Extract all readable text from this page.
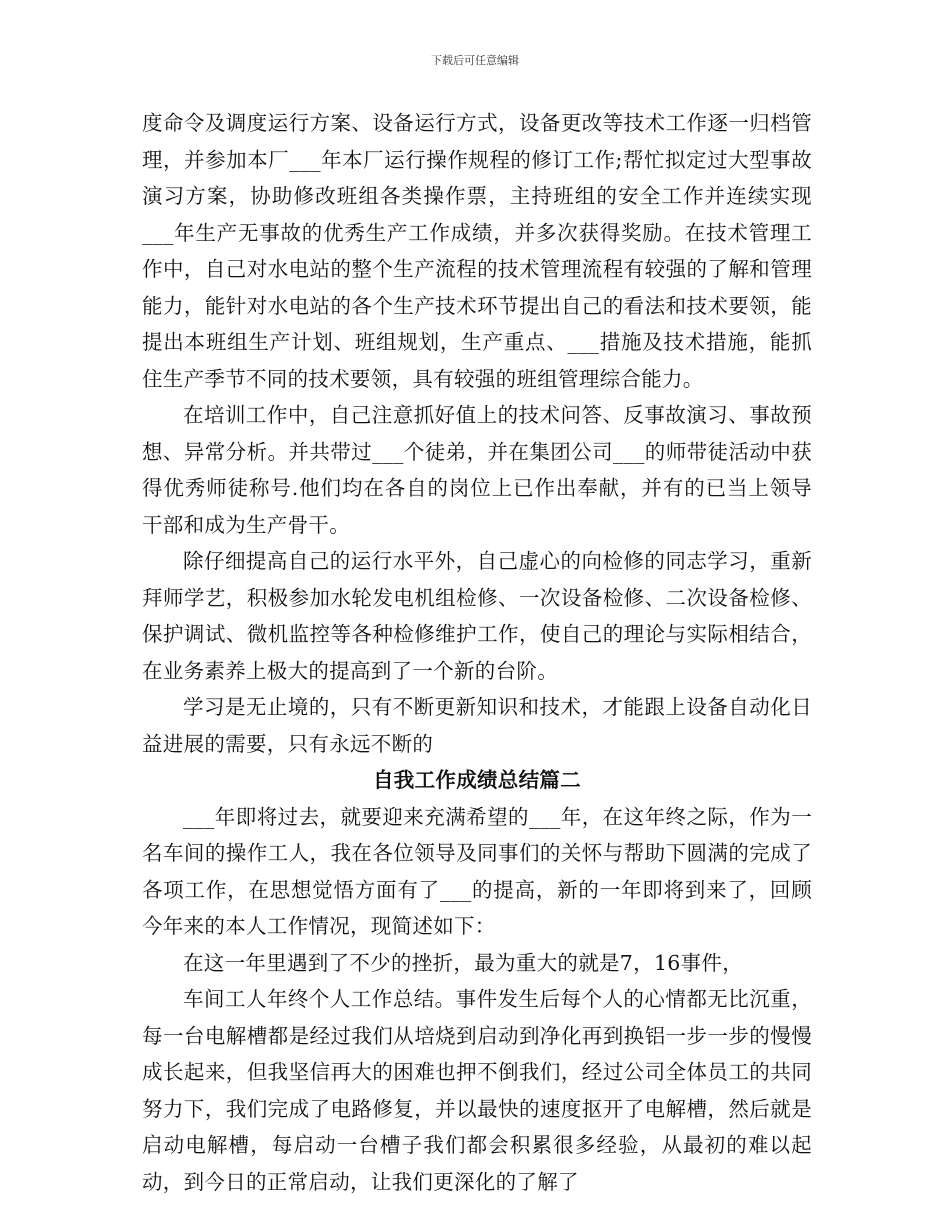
下载后可任意编辑

度命令及调度运行方案、设备运行方式，设备更改等技术工作逐一归档管理，并参加本厂___年本厂运行操作规程的修订工作;帮忙拟定过大型事故演习方案，协助修改班组各类操作票，主持班组的安全工作并连续实现___年生产无事故的优秀生产工作成绩，并多次获得奖励。在技术管理工作中，自己对水电站的整个生产流程的技术管理流程有较强的了解和管理能力，能针对水电站的各个生产技术环节提出自己的看法和技术要领，能提出本班组生产计划、班组规划，生产重点、___措施及技术措施，能抓住生产季节不同的技术要领，具有较强的班组管理综合能力。

在培训工作中，自己注意抓好值上的技术问答、反事故演习、事故预想、异常分析。并共带过___个徒弟，并在集团公司___的师带徒活动中获得优秀师徒称号.他们均在各自的岗位上已作出奉献，并有的已当上领导干部和成为生产骨干。

除仔细提高自己的运行水平外，自己虚心的向检修的同志学习，重新拜师学艺，积极参加水轮发电机组检修、一次设备检修、二次设备检修、保护调试、微机监控等各种检修维护工作，使自己的理论与实际相结合，在业务素养上极大的提高到了一个新的台阶。

学习是无止境的，只有不断更新知识和技术，才能跟上设备自动化日益进展的需要，只有永远不断的

自我工作成绩总结篇二

___年即将过去，就要迎来充满希望的___年，在这年终之际，作为一名车间的操作工人，我在各位领导及同事们的关怀与帮助下圆满的完成了各项工作，在思想觉悟方面有了___的提高，新的一年即将到来了，回顾今年来的本人工作情况，现简述如下：

在这一年里遇到了不少的挫折，最为重大的就是7，16事件，

车间工人年终个人工作总结。事件发生后每个人的心情都无比沉重，每一台电解槽都是经过我们从培烧到启动到净化再到换铝一步一步的慢慢成长起来，但我坚信再大的困难也押不倒我们，经过公司全体员工的共同努力下，我们完成了电路修复，并以最快的速度抠开了电解槽，然后就是启动电解槽，每启动一台槽子我们都会积累很多经验，从最初的难以起动，到今日的正常启动，让我们更深化的了解了
